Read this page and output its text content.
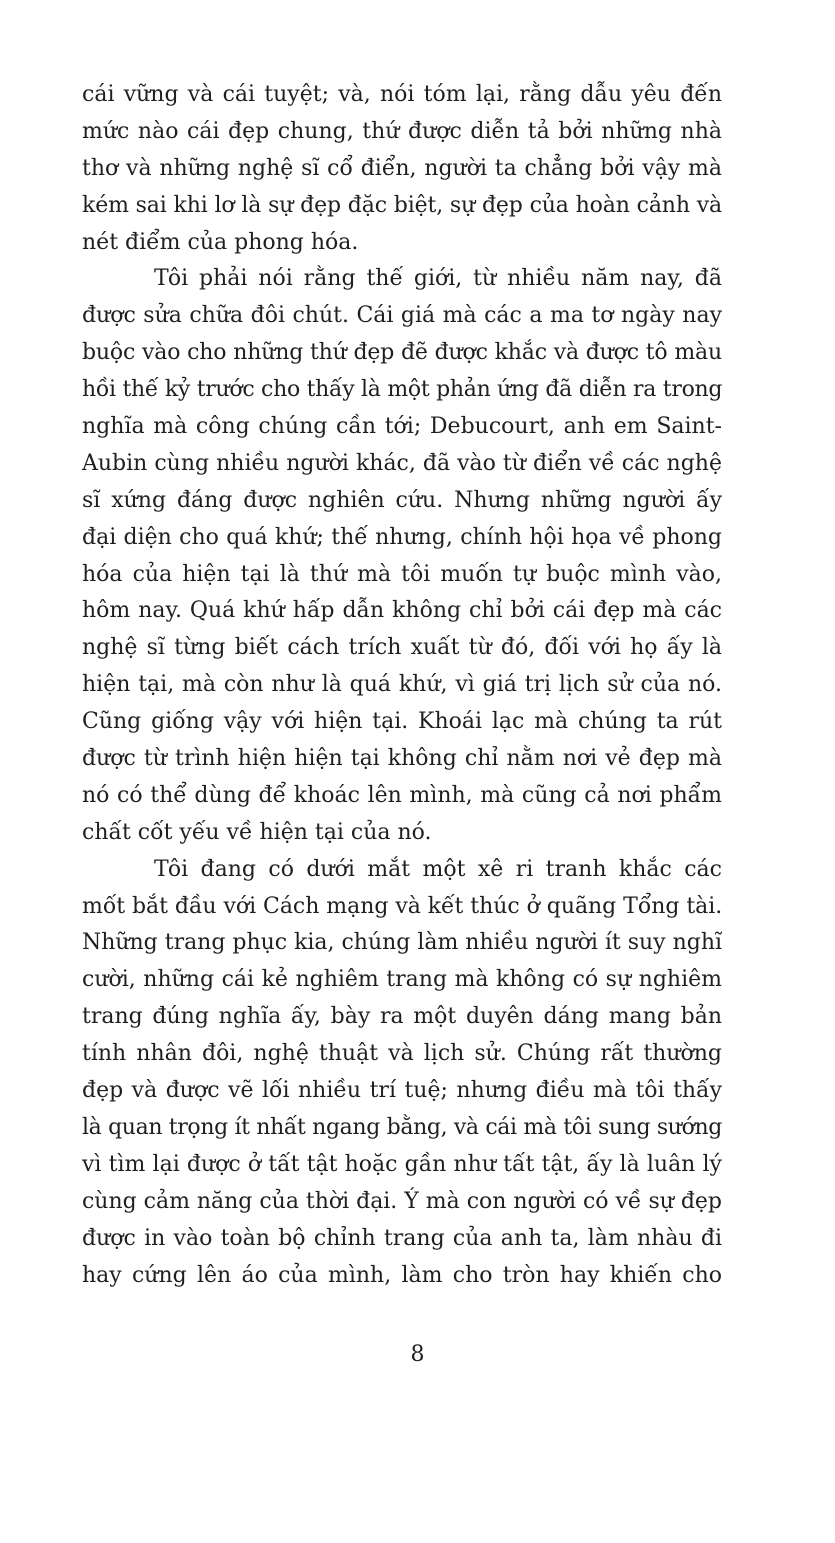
cái vững và cái tuyệt; và, nói tóm lại, rằng dẫu yêu đến
mức nào cái đẹp chung, thứ được diễn tả bởi những nhà
thơ và những nghệ sĩ cổ điển, người ta chẳng bởi vậy mà
kém sai khi lơ là sự đẹp đặc biệt, sự đẹp của hoàn cảnh và
nét điểm của phong hóa.
Tôi phải nói rằng thế giới, từ nhiều năm nay, đã
được sửa chữa đôi chút. Cái giá mà các a ma tơ ngày nay
buộc vào cho những thứ đẹp đẽ được khắc và được tô màu
hồi thế kỷ trước cho thấy là một phản ứng đã diễn ra trong
nghĩa mà công chúng cần tới; Debucourt, anh em Saint-
Aubin cùng nhiều người khác, đã vào từ điển về các nghệ
sĩ xứng đáng được nghiên cứu. Nhưng những người ấy
đại diện cho quá khứ; thế nhưng, chính hội họa về phong
hóa của hiện tại là thứ mà tôi muốn tự buộc mình vào,
hôm nay. Quá khứ hấp dẫn không chỉ bởi cái đẹp mà các
nghệ sĩ từng biết cách trích xuất từ đó, đối với họ ấy là
hiện tại, mà còn như là quá khứ, vì giá trị lịch sử của nó.
Cũng giống vậy với hiện tại. Khoái lạc mà chúng ta rút
được từ trình hiện hiện tại không chỉ nằm nơi vẻ đẹp mà
nó có thể dùng để khoác lên mình, mà cũng cả nơi phẩm
chất cốt yếu về hiện tại của nó.
Tôi đang có dưới mắt một xê ri tranh khắc các
mốt bắt đầu với Cách mạng và kết thúc ở quãng Tổng tài.
Những trang phục kia, chúng làm nhiều người ít suy nghĩ
cười, những cái kẻ nghiêm trang mà không có sự nghiêm
trang đúng nghĩa ấy, bày ra một duyên dáng mang bản
tính nhân đôi, nghệ thuật và lịch sử. Chúng rất thường
đẹp và được vẽ lối nhiều trí tuệ; nhưng điều mà tôi thấy
là quan trọng ít nhất ngang bằng, và cái mà tôi sung sướng
vì tìm lại được ở tất tật hoặc gần như tất tật, ấy là luân lý
cùng cảm năng của thời đại. Ý mà con người có về sự đẹp
được in vào toàn bộ chỉnh trang của anh ta, làm nhàu đi
hay cứng lên áo của mình, làm cho tròn hay khiến cho
8
